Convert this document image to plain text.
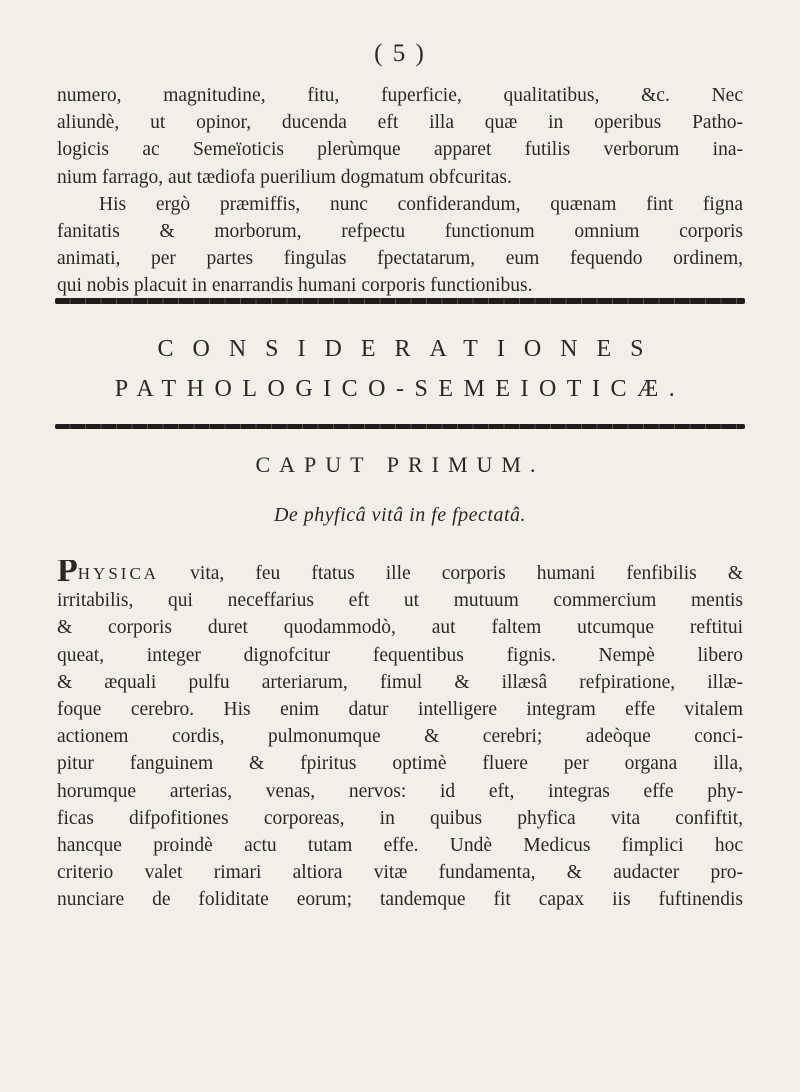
( 5 )
numero, magnitudine, fitu, fuperficie, qualitatibus, &c. Nec
aliundè, ut opinor, ducenda eft illa quæ in operibus Patho-
logicis ac Semeïoticis plerùmque apparet futilis verborum ina-
nium farrago, aut tædiofa puerilium dogmatum obfcuritas.
His ergò præmiffis, nunc confiderandum, quænam fint figna
fanitatis & morborum, refpectu functionum omnium corporis
animati, per partes fingulas fpectatarum, eum fequendo ordinem,
qui nobis placuit in enarrandis humani corporis functionibus.
CONSIDERATIONES
PATHOLOGICO-SEMEIOTICÆ.
CAPUT PRIMUM.
De phyficâ vitâ in fe fpectatâ.
PHYSICA vita, feu ftatus ille corporis humani fenfibilis &
irritabilis, qui neceffarius eft ut mutuum commercium mentis
& corporis duret quodammodò, aut faltem utcumque reftitui
queat, integer dignofcitur fequentibus fignis. Nempè libero
& æquali pulfu arteriarum, fimul & illæsâ refpiratione, illæ-
foque cerebro. His enim datur intelligere integram effe vitalem
actionem cordis, pulmonumque & cerebri; adeòque conci-
pitur fanguinem & fpiritus optimè fluere per organa illa,
horumque arterias, venas, nervos: id eft, integras effe phy-
ficas difpofitiones corporeas, in quibus phyfica vita confiftit,
hancque proindè actu tutam effe. Undè Medicus fimplici hoc
criterio valet rimari altiora vitæ fundamenta, & audacter pro-
nunciare de foliditate eorum; tandemque fit capax iis fuftinendis
